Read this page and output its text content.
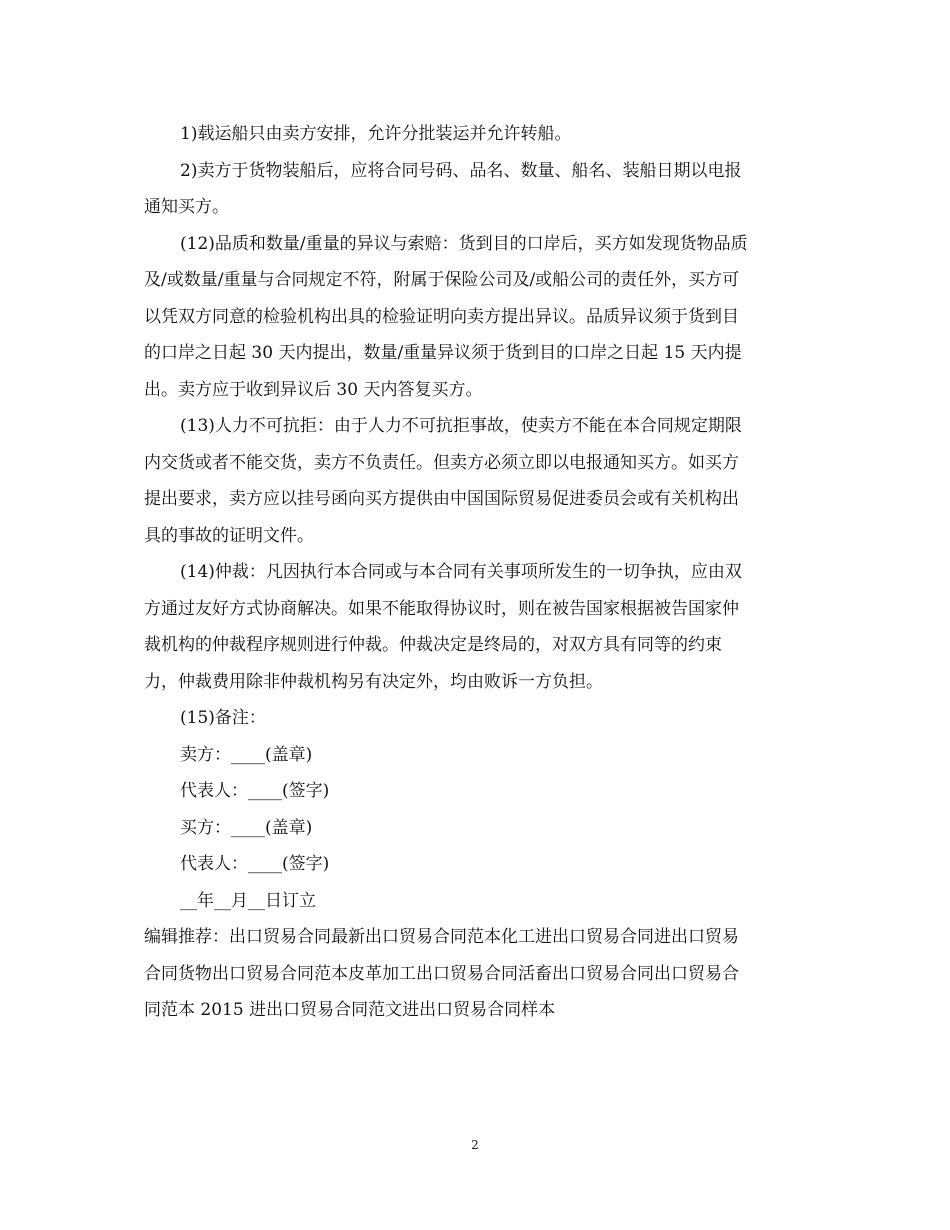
1)载运船只由卖方安排，允许分批装运并允许转船。
2)卖方于货物装船后，应将合同号码、品名、数量、船名、装船日期以电报
通知买方。
(12)品质和数量/重量的异议与索赔：货到目的口岸后，买方如发现货物品质
及/或数量/重量与合同规定不符，附属于保险公司及/或船公司的责任外，买方可
以凭双方同意的检验机构出具的检验证明向卖方提出异议。品质异议须于货到目
的口岸之日起 30 天内提出，数量/重量异议须于货到目的口岸之日起 15 天内提
出。卖方应于收到异议后 30 天内答复买方。
(13)人力不可抗拒：由于人力不可抗拒事故，使卖方不能在本合同规定期限
内交货或者不能交货，卖方不负责任。但卖方必须立即以电报通知买方。如买方
提出要求，卖方应以挂号函向买方提供由中国国际贸易促进委员会或有关机构出
具的事故的证明文件。
(14)仲裁：凡因执行本合同或与本合同有关事项所发生的一切争执，应由双
方通过友好方式协商解决。如果不能取得协议时，则在被告国家根据被告国家仲
裁机构的仲裁程序规则进行仲裁。仲裁决定是终局的，对双方具有同等的约束
力，仲裁费用除非仲裁机构另有决定外，均由败诉一方负担。
(15)备注：
卖方：____(盖章)
代表人：____(签字)
买方：____(盖章)
代表人：____(签字)
__年__月__日订立
编辑推荐：出口贸易合同最新出口贸易合同范本化工进出口贸易合同进出口贸易
合同货物出口贸易合同范本皮革加工出口贸易合同活畜出口贸易合同出口贸易合
同范本 2015 进出口贸易合同范文进出口贸易合同样本
2
